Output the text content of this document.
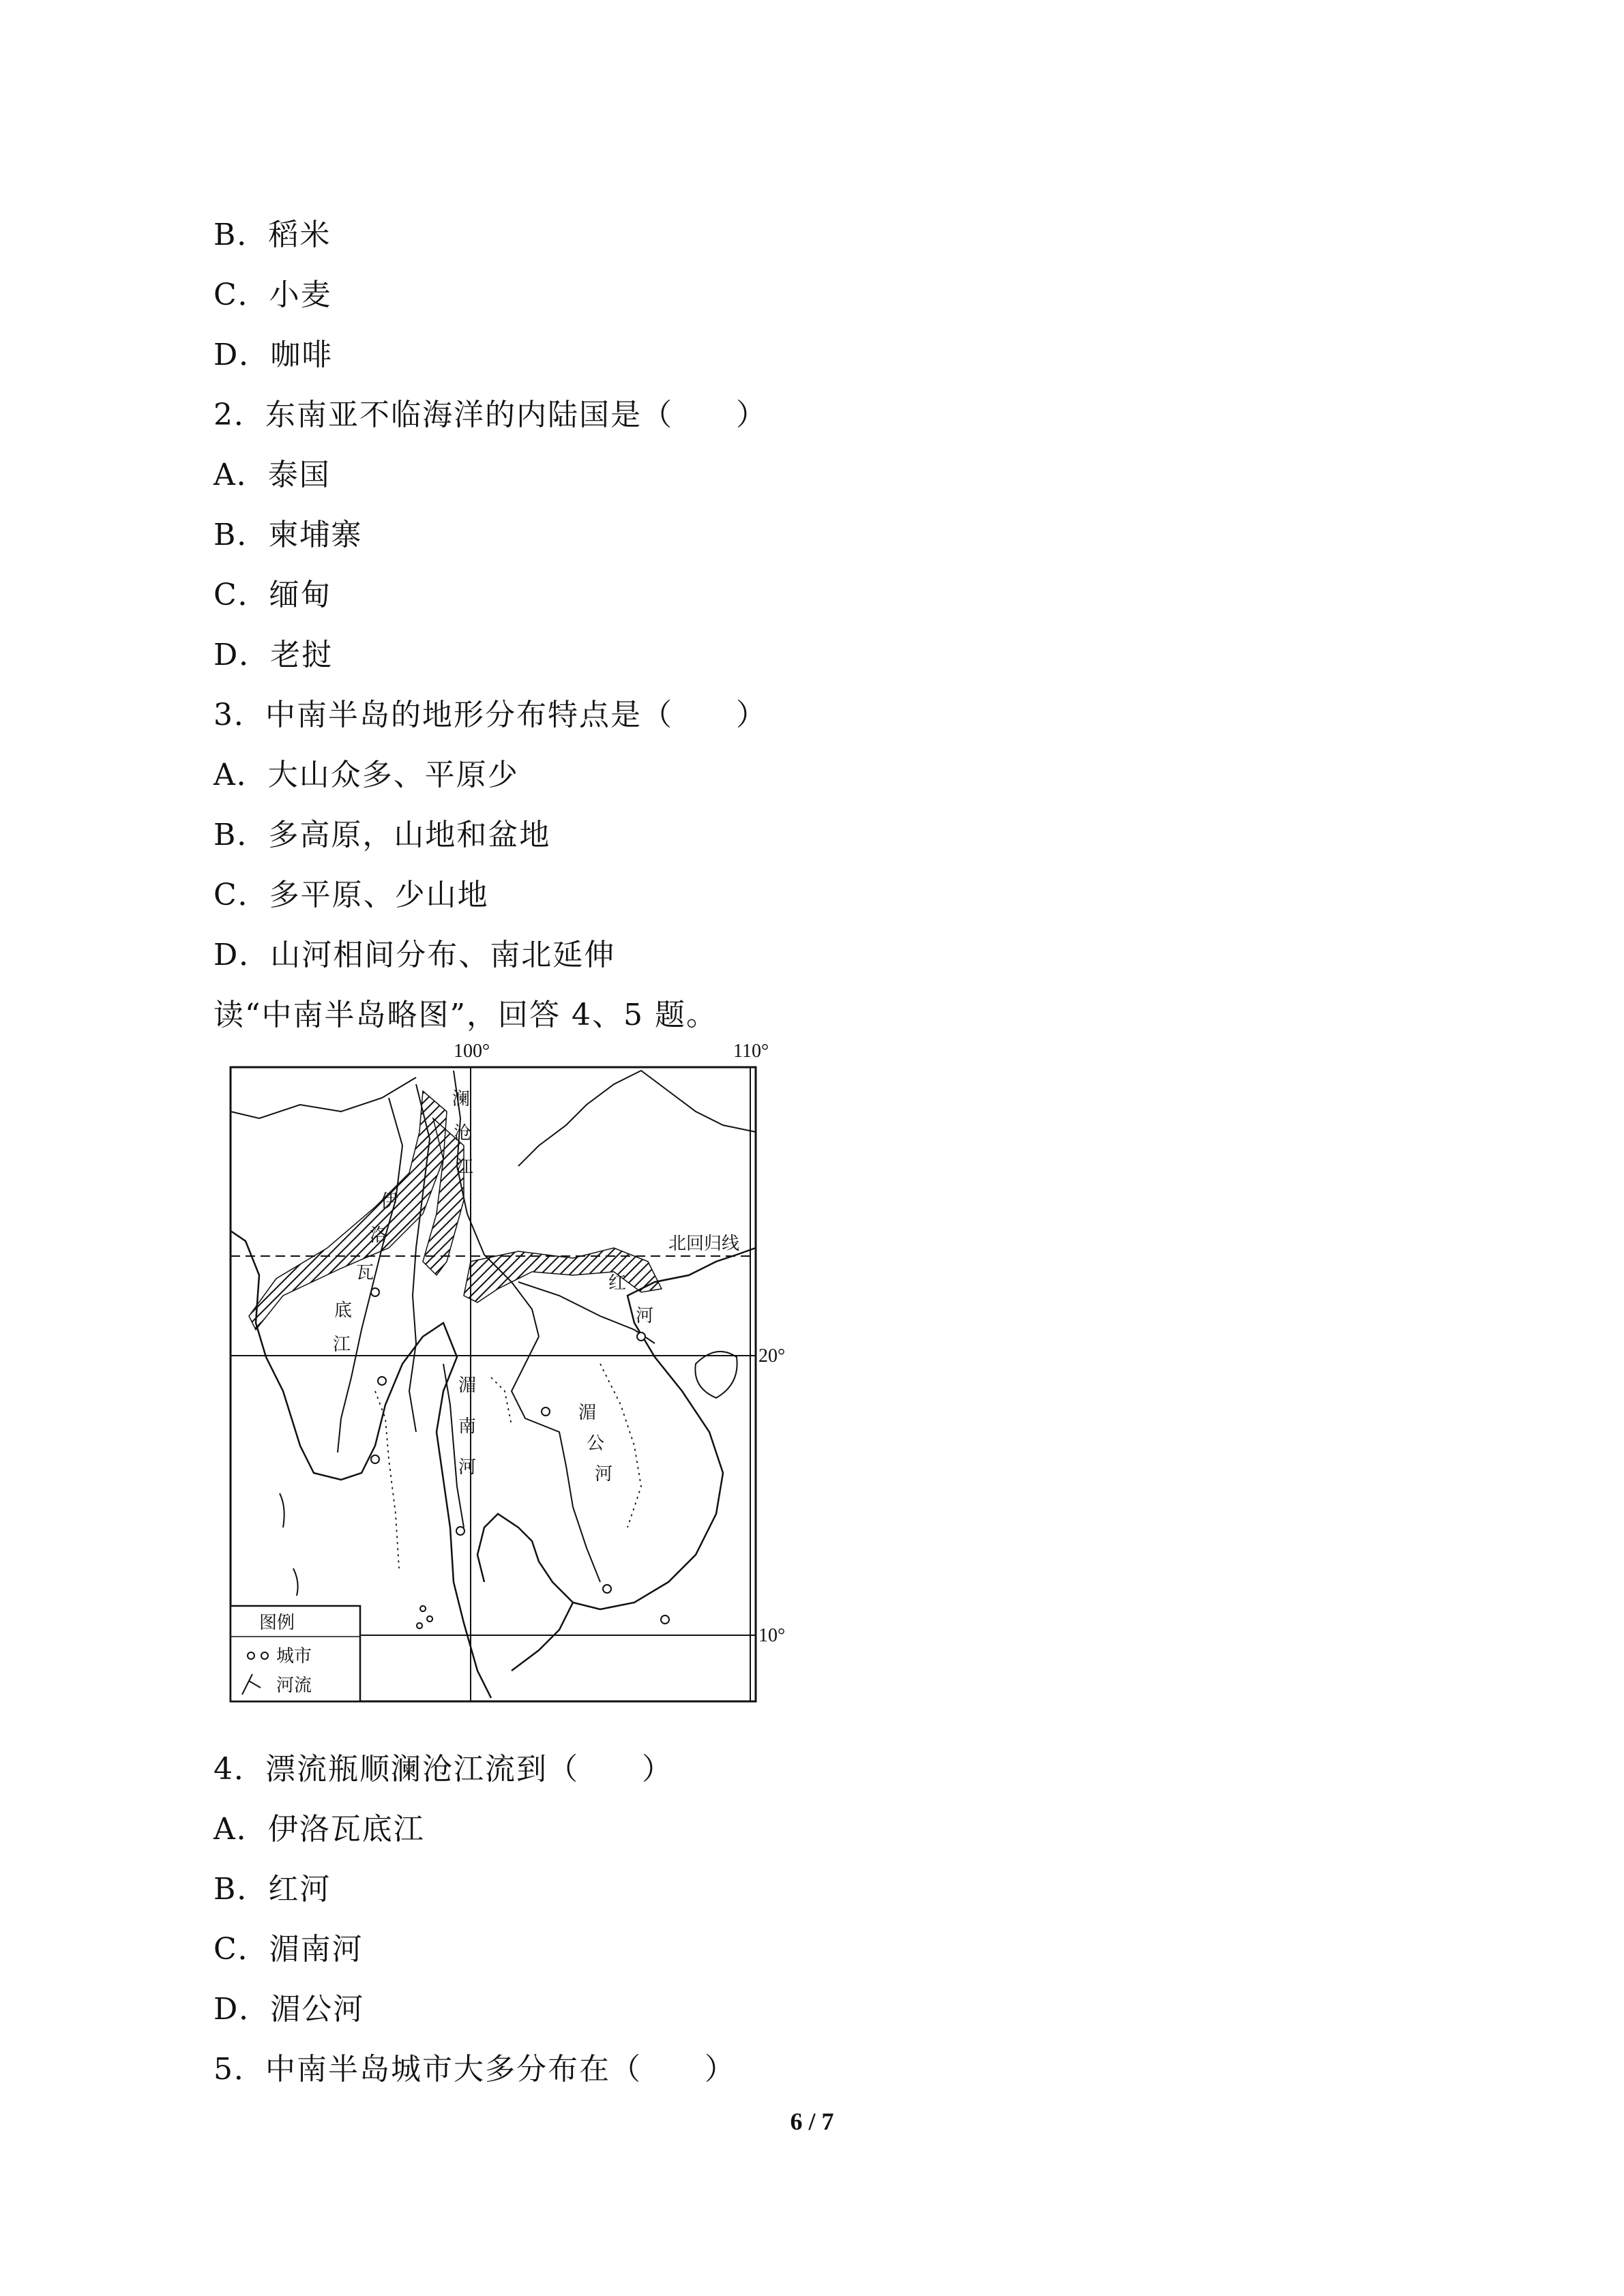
B．稻米
C．小麦
D．咖啡
2．东南亚不临海洋的内陆国是（　　）
A．泰国
B．柬埔寨
C．缅甸
D．老挝
3．中南半岛的地形分布特点是（　　）
A．大山众多、平原少
B．多高原，山地和盆地
C．多平原、少山地
D．山河相间分布、南北延伸
读“中南半岛略图”，回答 4、5 题。
100°	110°
20°
10°
北回归线
澜
沧
江
伊
洛
瓦
底
江
红
河
湄
南
河
湄
公
河
图例
城市
河流
4．漂流瓶顺澜沧江流到（　　）
A．伊洛瓦底江
B．红河
C．湄南河
D．湄公河
5．中南半岛城市大多分布在（　　）
6 / 7
